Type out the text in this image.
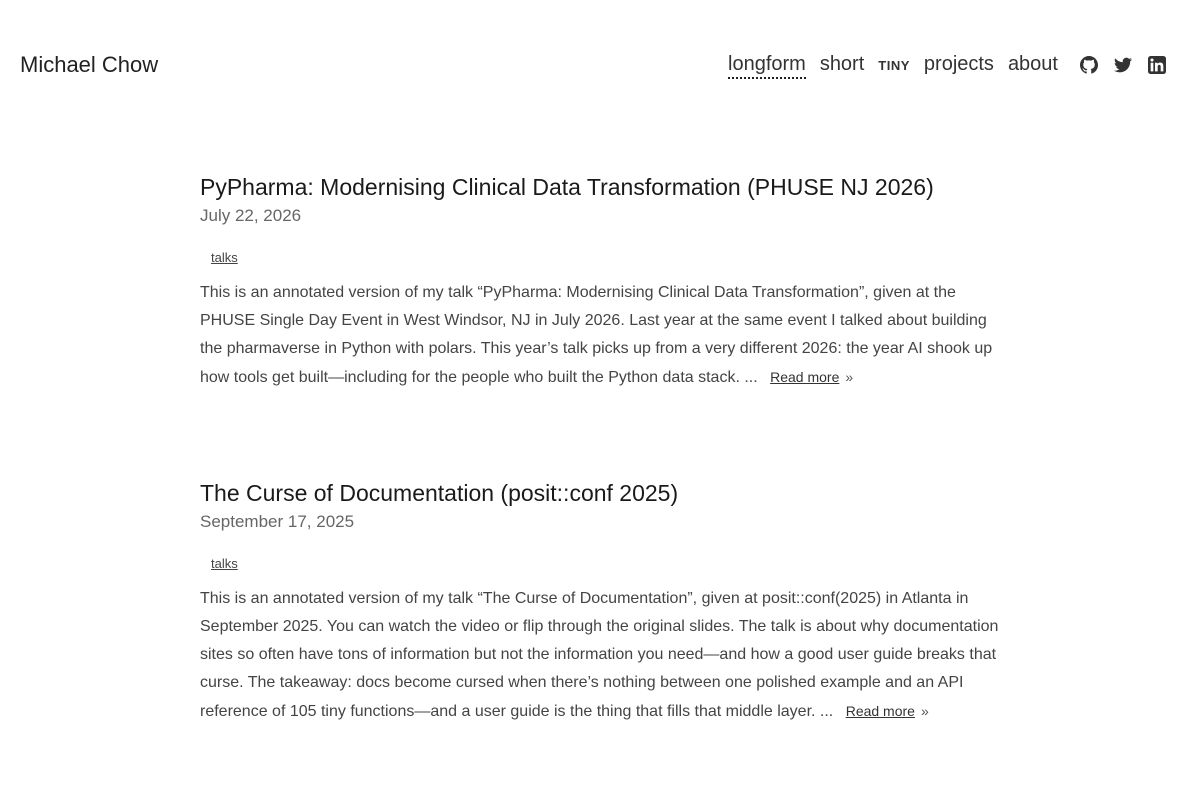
Michael Chow	longform short TINY projects about
PyPharma: Modernising Clinical Data Transformation (PHUSE NJ 2026)
July 22, 2026
talks
This is an annotated version of my talk “PyPharma: Modernising Clinical Data Transformation”, given at the PHUSE Single Day Event in West Windsor, NJ in July 2026. Last year at the same event I talked about building the pharmaverse in Python with polars. This year’s talk picks up from a very different 2026: the year AI shook up how tools get built—including for the people who built the Python data stack. ... Read more »
The Curse of Documentation (posit::conf 2025)
September 17, 2025
talks
This is an annotated version of my talk “The Curse of Documentation”, given at posit::conf(2025) in Atlanta in September 2025. You can watch the video or flip through the original slides. The talk is about why documentation sites so often have tons of information but not the information you need—and how a good user guide breaks that curse. The takeaway: docs become cursed when there’s nothing between one polished example and an API reference of 105 tiny functions—and a user guide is the thing that fills that middle layer. ... Read more »
